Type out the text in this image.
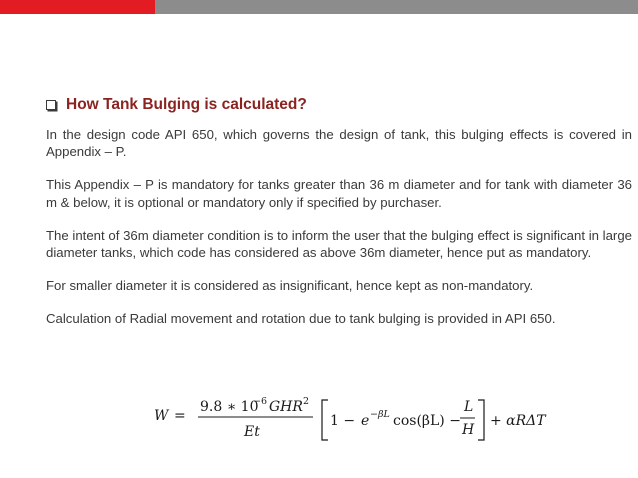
How Tank Bulging is calculated?

In the design code API 650, which governs the design of tank, this bulging effects is covered in Appendix – P.

This Appendix – P is mandatory for tanks greater than 36 m diameter and for tank with diameter 36 m & below, it is optional or mandatory only if specified by purchaser.

The intent of 36m diameter condition is to inform the user that the bulging effect is significant in large diameter tanks, which code has considered as above 36m diameter, hence put as mandatory.

For smaller diameter it is considered as insignificant, hence kept as non-mandatory.

Calculation of Radial movement and rotation due to tank bulging is provided in API 650.

W =
9.8 ∗ 10
−6 GHR 2
Et
1 − e −βL cos(βL) −
L
H
+ αRΔT
